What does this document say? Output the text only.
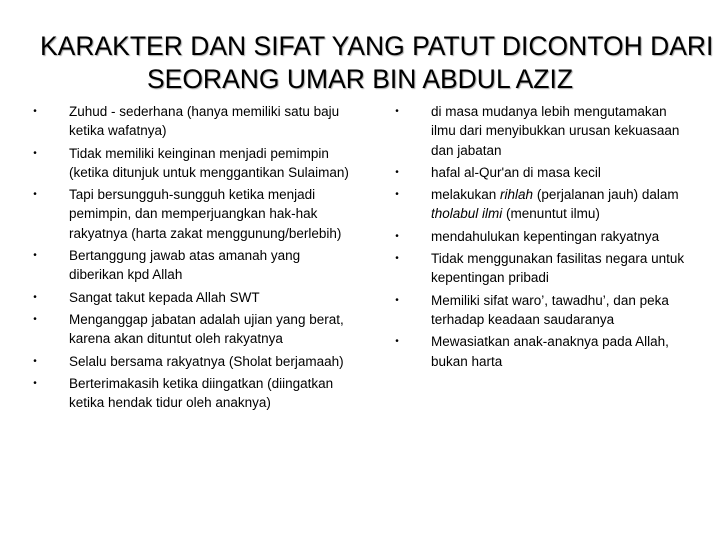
KARAKTER DAN SIFAT YANG PATUT DICONTOH DARI
SEORANG UMAR BIN ABDUL AZIZ
• Zuhud - sederhana (hanya memiliki satu baju ketika wafatnya)
• Tidak memiliki keinginan menjadi pemimpin (ketika ditunjuk untuk menggantikan Sulaiman)
• Tapi bersungguh-sungguh ketika menjadi pemimpin, dan memperjuangkan hak-hak rakyatnya (harta zakat menggunung/berlebih)
• Bertanggung jawab atas amanah yang diberikan kpd Allah
• Sangat takut kepada Allah SWT
• Menganggap jabatan adalah ujian yang berat, karena akan dituntut oleh rakyatnya
• Selalu bersama rakyatnya (Sholat berjamaah)
• Berterimakasih ketika diingatkan (diingatkan ketika hendak tidur oleh anaknya)
• di masa mudanya lebih mengutamakan ilmu dari menyibukkan urusan kekuasaan dan jabatan
• hafal al-Qur'an di masa kecil
• melakukan rihlah (perjalanan jauh) dalam tholabul ilmi (menuntut ilmu)
• mendahulukan kepentingan rakyatnya
• Tidak menggunakan fasilitas negara untuk kepentingan pribadi
• Memiliki sifat waro’, tawadhu’, dan peka terhadap keadaan saudaranya
• Mewasiatkan anak-anaknya pada Allah, bukan harta
